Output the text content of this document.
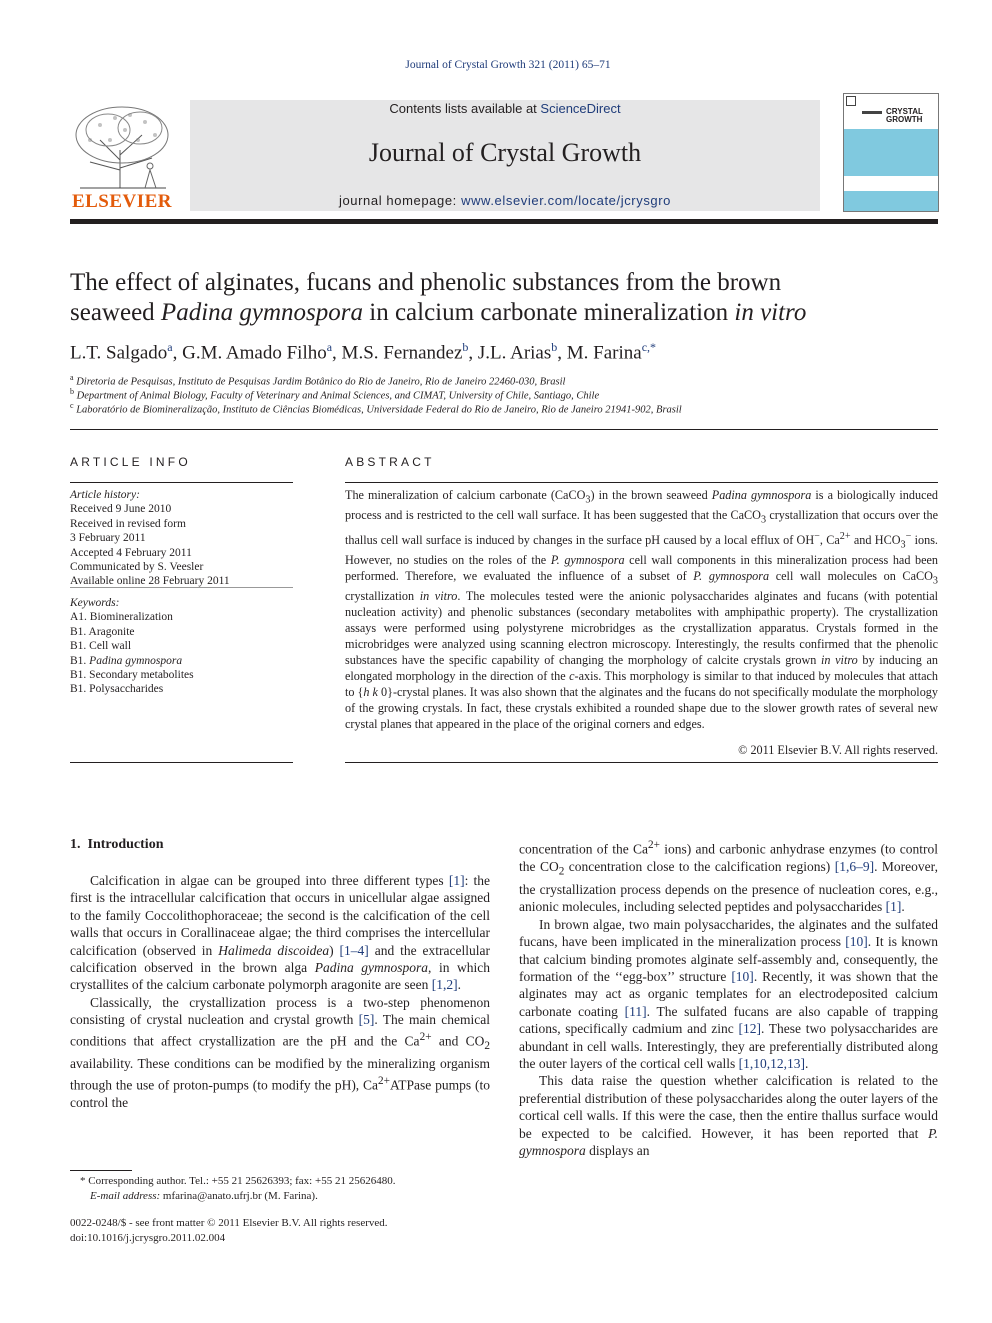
Journal of Crystal Growth 321 (2011) 65–71
ELSEVIER
Contents lists available at ScienceDirect
Journal of Crystal Growth
journal homepage: www.elsevier.com/locate/jcrysgro
CRYSTAL
GROWTH
The effect of alginates, fucans and phenolic substances from the brown
seaweed Padina gymnospora in calcium carbonate mineralization in vitro
L.T. Salgado$^a$, G.M. Amado Filho$^a$, M.S. Fernandez$^b$, J.L. Arias$^b$, M. Farina$^{c,*}$
$^a$ Diretoria de Pesquisas, Instituto de Pesquisas Jardim Botânico do Rio de Janeiro, Rio de Janeiro 22460-030, Brasil
$^b$ Department of Animal Biology, Faculty of Veterinary and Animal Sciences, and CIMAT, University of Chile, Santiago, Chile
$^c$ Laboratório de Biomineralização, Instituto de Ciências Biomédicas, Universidade Federal do Rio de Janeiro, Rio de Janeiro 21941-902, Brasil
ARTICLE INFO
Article history:
Received 9 June 2010
Received in revised form
3 February 2011
Accepted 4 February 2011
Communicated by S. Veesler
Available online 28 February 2011
Keywords:
A1. Biomineralization
B1. Aragonite
B1. Cell wall
B1. Padina gymnospora
B1. Secondary metabolites
B1. Polysaccharides
ABSTRACT
The mineralization of calcium carbonate (CaCO$_3$) in the brown seaweed Padina gymnospora is a biologically induced process and is restricted to the cell wall surface. It has been suggested that the CaCO$_3$ crystallization that occurs over the thallus cell wall surface is induced by changes in the surface pH caused by a local efflux of OH−, $Ca^{2+}$ and $HCO_3^-$ ions. However, no studies on the roles of the P. gymnospora cell wall components in this mineralization process had been performed. Therefore, we evaluated the influence of a subset of P. gymnospora cell wall molecules on CaCO$_3$ crystallization in vitro. The molecules tested were the anionic polysaccharides alginates and fucans (with potential nucleation activity) and phenolic substances (secondary metabolites with amphipathic property). The crystallization assays were performed using polystyrene microbridges as the crystallization apparatus. Crystals formed in the microbridges were analyzed using scanning electron microscopy. Interestingly, the results confirmed that the phenolic substances have the specific capability of changing the morphology of calcite crystals grown in vitro by inducing an elongated morphology in the direction of the c-axis. This morphology is similar to that induced by molecules that attach to {h k 0}-crystal planes. It was also shown that the alginates and the fucans do not specifically modulate the morphology of the growing crystals. In fact, these crystals exhibited a rounded shape due to the slower growth rates of several new crystal planes that appeared in the place of the original corners and edges.
© 2011 Elsevier B.V. All rights reserved.
1. Introduction

Calcification in algae can be grouped into three different types [1]: the first is the intracellular calcification that occurs in unicellular algae assigned to the family Coccolithophoraceae; the second is the calcification of the cell walls that occurs in Corallinaceae algae; the third comprises the intercellular calcification (observed in Halimeda discoidea) [1–4] and the extracellular calcification observed in the brown alga Padina gymnospora, in which crystallites of the calcium carbonate polymorph aragonite are seen [1,2].

Classically, the crystallization process is a two-step phenomenon consisting of crystal nucleation and crystal growth [5]. The main chemical conditions that affect crystallization are the pH and the $Ca^{2+}$ and $CO_2$ availability. These conditions can be modified by the mineralizing organism through the use of proton-pumps (to modify the pH), $Ca^{2+}ATPase$ pumps (to control the

* Corresponding author. Tel.: +55 21 25626393; fax: +55 21 25626480.
E-mail address: mfarina@anato.ufrj.br (M. Farina).
0022-0248/$ - see front matter © 2011 Elsevier B.V. All rights reserved.
doi:10.1016/j.jcrysgro.2011.02.004

concentration of the $Ca^{2+}$ ions) and carbonic anhydrase enzymes (to control the $CO_2$ concentration close to the calcification regions) [1,6–9]. Moreover, the crystallization process depends on the presence of nucleation cores, e.g., anionic molecules, including selected peptides and polysaccharides [1].

In brown algae, two main polysaccharides, the alginates and the sulfated fucans, have been implicated in the mineralization process [10]. It is known that calcium binding promotes alginate self-assembly and, consequently, the formation of the ‘‘egg-box’’ structure [10]. Recently, it was shown that the alginates may act as organic templates for an electrodeposited calcium carbonate coating [11]. The sulfated fucans are also capable of trapping cations, specifically cadmium and zinc [12]. These two polysaccharides are abundant in cell walls. Interestingly, they are preferentially distributed along the outer layers of the cortical cell walls [1,10,12,13].

This data raise the question whether calcification is related to the preferential distribution of these polysaccharides along the outer layers of the cortical cell walls. If this were the case, then the entire thallus surface would be expected to be calcified. However, it has been reported that P. gymnospora displays an
